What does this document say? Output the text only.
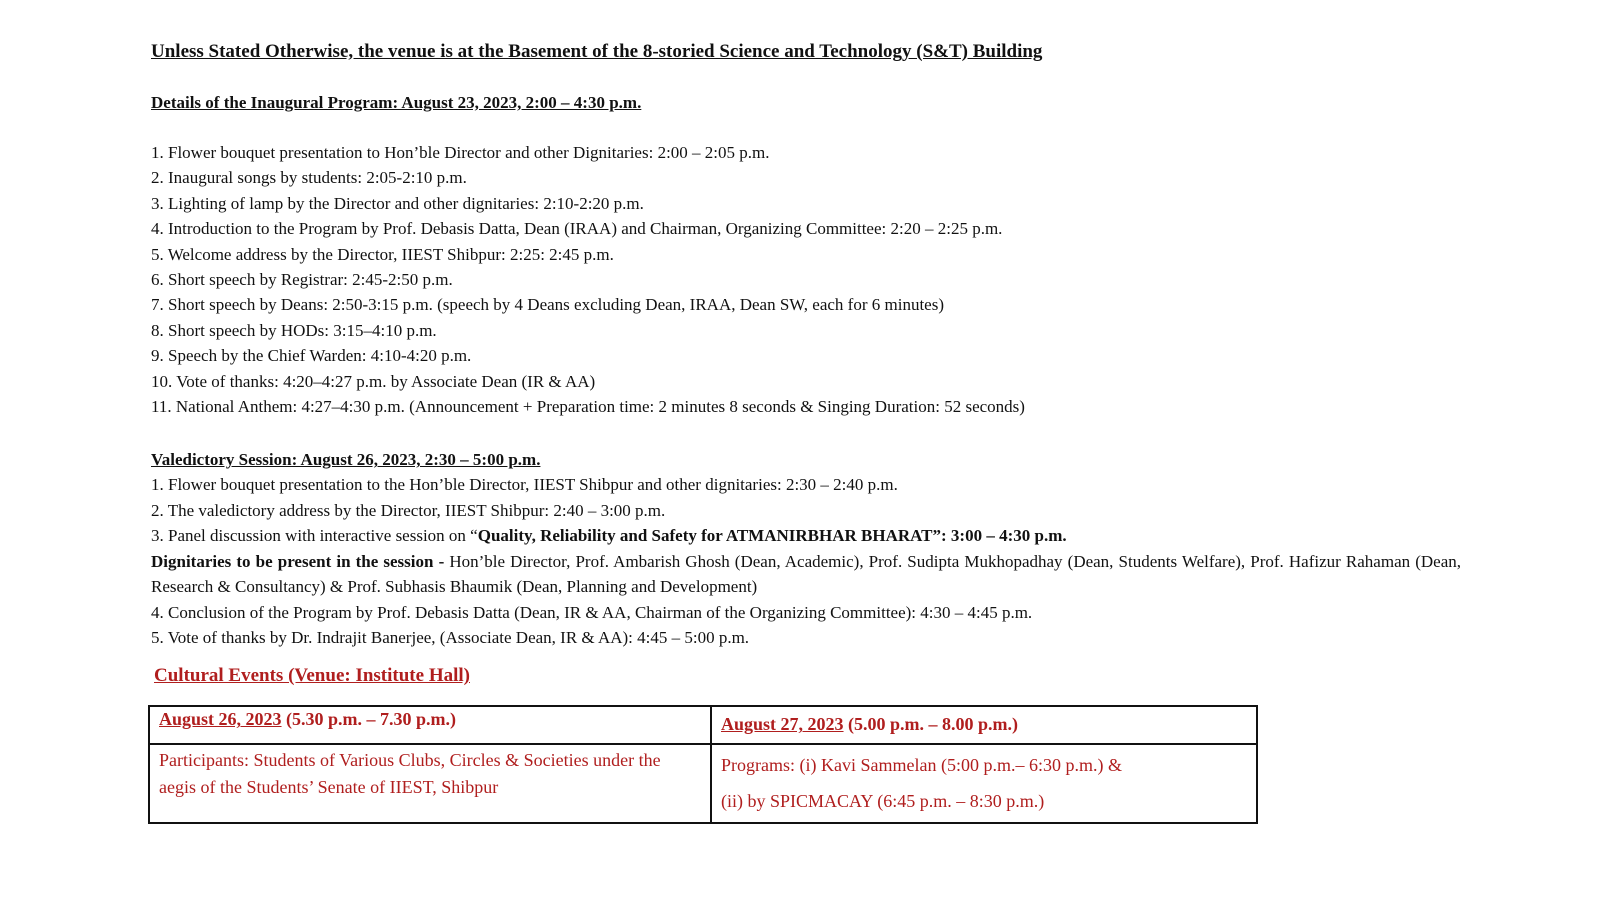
Unless Stated Otherwise, the venue is at the Basement of the 8-storied Science and Technology (S&T) Building

Details of the Inaugural Program: August 23, 2023, 2:00 – 4:30 p.m.

1. Flower bouquet presentation to Hon’ble Director and other Dignitaries: 2:00 – 2:05 p.m.
2. Inaugural songs by students: 2:05-2:10 p.m.
3. Lighting of lamp by the Director and other dignitaries: 2:10-2:20 p.m.
4. Introduction to the Program by Prof. Debasis Datta, Dean (IRAA) and Chairman, Organizing Committee: 2:20 – 2:25 p.m.
5. Welcome address by the Director, IIEST Shibpur: 2:25: 2:45 p.m.
6. Short speech by Registrar: 2:45-2:50 p.m.
7. Short speech by Deans: 2:50-3:15 p.m. (speech by 4 Deans excluding Dean, IRAA, Dean SW, each for 6 minutes)
8. Short speech by HODs: 3:15–4:10 p.m.
9. Speech by the Chief Warden: 4:10-4:20 p.m.
10. Vote of thanks: 4:20–4:27 p.m. by Associate Dean (IR & AA)
11. National Anthem: 4:27–4:30 p.m. (Announcement + Preparation time: 2 minutes 8 seconds & Singing Duration: 52 seconds)

Valedictory Session: August 26, 2023, 2:30 – 5:00 p.m.

1. Flower bouquet presentation to the Hon’ble Director, IIEST Shibpur and other dignitaries: 2:30 – 2:40 p.m.
2. The valedictory address by the Director, IIEST Shibpur: 2:40 – 3:00 p.m.
3. Panel discussion with interactive session on “Quality, Reliability and Safety for ATMANIRBHAR BHARAT”: 3:00 – 4:30 p.m.

Dignitaries to be present in the session - Hon’ble Director, Prof. Ambarish Ghosh (Dean, Academic), Prof. Sudipta Mukhopadhay (Dean, Students Welfare), Prof. Hafizur Rahaman (Dean, Research & Consultancy) & Prof. Subhasis Bhaumik (Dean, Planning and Development)

4. Conclusion of the Program by Prof. Debasis Datta (Dean, IR & AA, Chairman of the Organizing Committee): 4:30 – 4:45 p.m.
5. Vote of thanks by Dr. Indrajit Banerjee, (Associate Dean, IR & AA): 4:45 – 5:00 p.m.

Cultural Events (Venue: Institute Hall)

August 26, 2023 (5.30 p.m. – 7.30 p.m.)	August 27, 2023 (5.00 p.m. – 8.00 p.m.)
Participants: Students of Various Clubs, Circles & Societies under the aegis of the Students’ Senate of IIEST, Shibpur	Programs: (i) Kavi Sammelan (5:00 p.m.– 6:30 p.m.) &
(ii) by SPICMACAY (6:45 p.m. – 8:30 p.m.)
